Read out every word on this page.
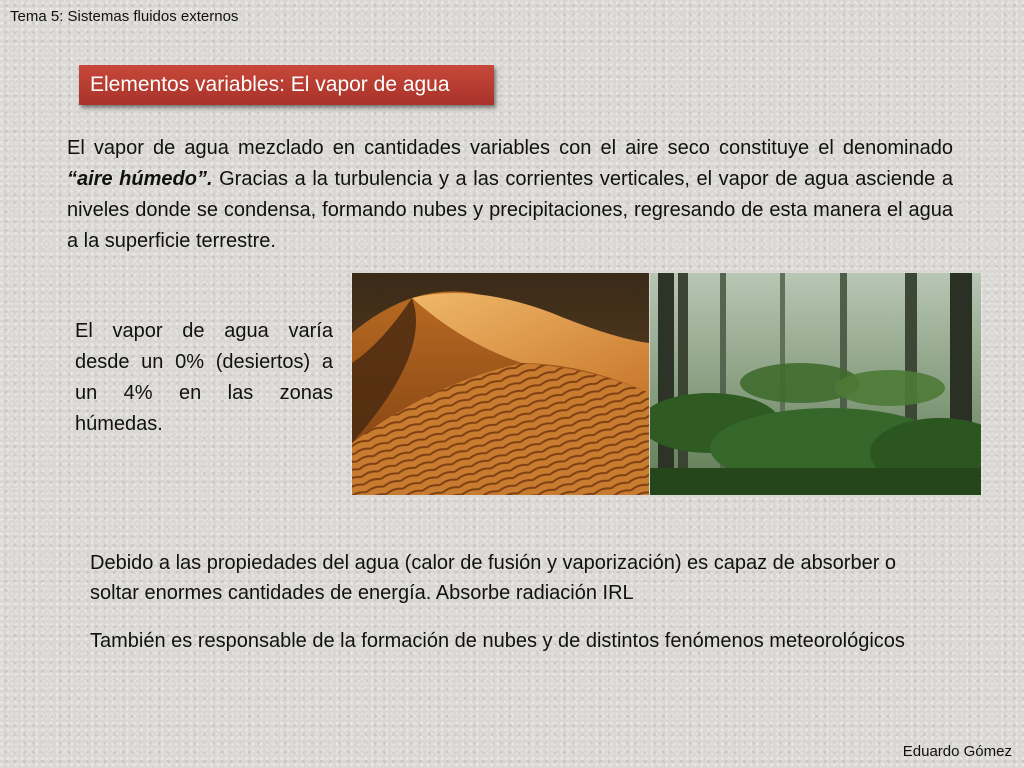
Tema 5: Sistemas fluidos externos
Elementos variables: El vapor de agua
El vapor de agua mezclado en cantidades variables con el aire seco constituye el denominado “aire húmedo”. Gracias a la turbulencia y a las corrientes verticales, el vapor de agua asciende a niveles donde se condensa, formando nubes y precipitaciones, regresando de esta manera el agua a la superficie terrestre.
El vapor de agua varía desde un 0% (desiertos) a un 4% en las zonas húmedas.

Debido a las propiedades del agua (calor de fusión y vaporización) es capaz de absorber o soltar enormes cantidades de energía. Absorbe radiación IRL

También es responsable de la formación de nubes y de distintos fenómenos meteorológicos

Eduardo Gómez
